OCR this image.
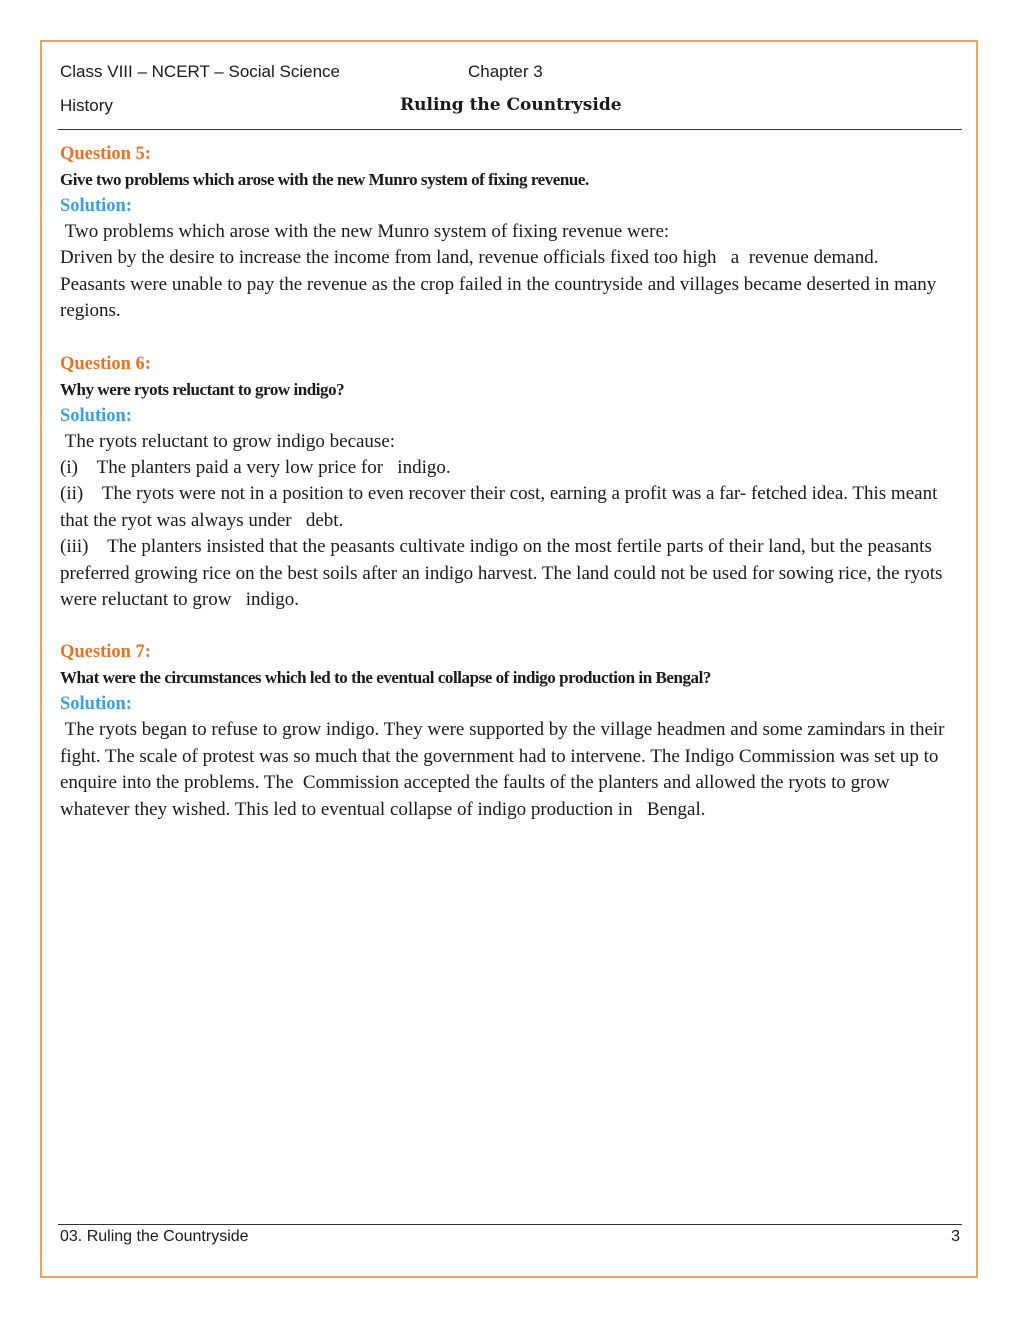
Class VIII – NCERT – Social Science	Chapter 3
History	Ruling the Countryside

Question 5:

Give two problems which arose with the new Munro system of fixing revenue.

Solution:

Two problems which arose with the new Munro system of fixing revenue were:

Driven by the desire to increase the income from land, revenue officials fixed too high   a  revenue demand.

Peasants were unable to pay the revenue as the crop failed in the countryside and villages became deserted in many  regions.

Question 6:

Why were ryots reluctant to grow indigo?

Solution:

The ryots reluctant to grow indigo because:

(i)    The planters paid a very low price for   indigo.

(ii)    The ryots were not in a position to even recover their cost, earning a profit was a far- fetched idea. This meant that the ryot was always under   debt.

(iii)    The planters insisted that the peasants cultivate indigo on the most fertile parts of their land, but the peasants preferred growing rice on the best soils after an indigo harvest. The land could not be used for sowing rice, the ryots were reluctant to grow   indigo.

Question 7:

What were the circumstances which led to the eventual collapse of indigo production in Bengal?

Solution:

The ryots began to refuse to grow indigo. They were supported by the village headmen and some zamindars in their fight. The scale of protest was so much that the government had to intervene. The Indigo Commission was set up to enquire into the problems. The  Commission accepted the faults of the planters and allowed the ryots to grow whatever they wished. This led to eventual collapse of indigo production in   Bengal.

03. Ruling the Countryside	3
